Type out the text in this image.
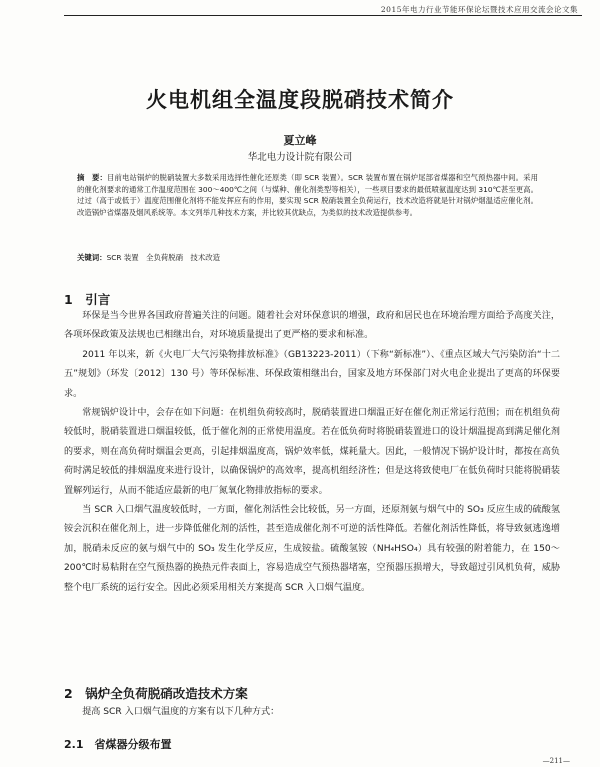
2015年电力行业节能环保论坛暨技术应用交流会论文集
火电机组全温度段脱硝技术简介
夏立峰
华北电力设计院有限公司
摘　要：目前电站锅炉的脱硝装置大多数采用选择性催化还原类（即 SCR 装置）。SCR 装置布置在锅炉尾部省煤器和空气预热器中间。采用的催化剂要求的通常工作温度范围在 300～400℃之间（与煤种、催化剂类型等相关），一些项目要求的最低喷氨温度达到 310℃甚至更高。过过（高于或低于）温度范围催化剂将不能发挥应有的作用，要实现 SCR 脱硝装置全负荷运行，技术改造将就是针对锅炉烟温适应催化剂。改造锅炉省煤器及烟风系统等。本文列举几种技术方案，并比较其优缺点，为类似的技术改造提供参考。
关键词：SCR 装置　全负荷脱硝　技术改造
1　引言

环保是当今世界各国政府普遍关注的问题。随着社会对环保意识的增强，政府和居民也在环境治理方面给予高度关注，各项环保政策及法规也已相继出台，对环境质量提出了更严格的要求和标准。

2011 年以来，新《火电厂大气污染物排放标准》（GB13223-2011）（下称“新标准”）、《重点区域大气污染防治“十二五”规划》（环发〔2012〕130 号）等环保标准、环保政策相继出台，国家及地方环保部门对火电企业提出了更高的环保要求。

常规锅炉设计中，会存在如下问题：在机组负荷较高时，脱硝装置进口烟温正好在催化剂正常运行范围；而在机组负荷较低时，脱硝装置进口烟温较低，低于催化剂的正常使用温度。若在低负荷时将脱硝装置进口的设计烟温提高到满足催化剂的要求，则在高负荷时烟温会更高，引起排烟温度高，锅炉效率低，煤耗量大。因此，一般情况下锅炉设计时，都按在高负荷时满足较低的排烟温度来进行设计，以确保锅炉的高效率，提高机组经济性；但是这将致使电厂在低负荷时只能将脱硝装置解列运行，从而不能适应最新的电厂氮氧化物排放指标的要求。

当 SCR 入口烟气温度较低时，一方面，催化剂活性会比较低，另一方面，还原剂氨与烟气中的 SO₃ 反应生成的硫酸氢铵会沉积在催化剂上，进一步降低催化剂的活性，甚至造成催化剂不可逆的活性降低。若催化剂活性降低，将导致氨逃逸增加，脱硝未反应的氨与烟气中的 SO₃ 发生化学反应，生成铵盐。硫酸氢铵（NH₄HSO₄）具有较强的附着能力，在 150～200℃时易粘附在空气预热器的换热元件表面上，容易造成空气预热器堵塞，空预器压损增大，导致超过引风机负荷，威胁整个电厂系统的运行安全。因此必须采用相关方案提高 SCR 入口烟气温度。

2　锅炉全负荷脱硝改造技术方案

提高 SCR 入口烟气温度的方案有以下几种方式：

2.1　省煤器分级布置
—211—
